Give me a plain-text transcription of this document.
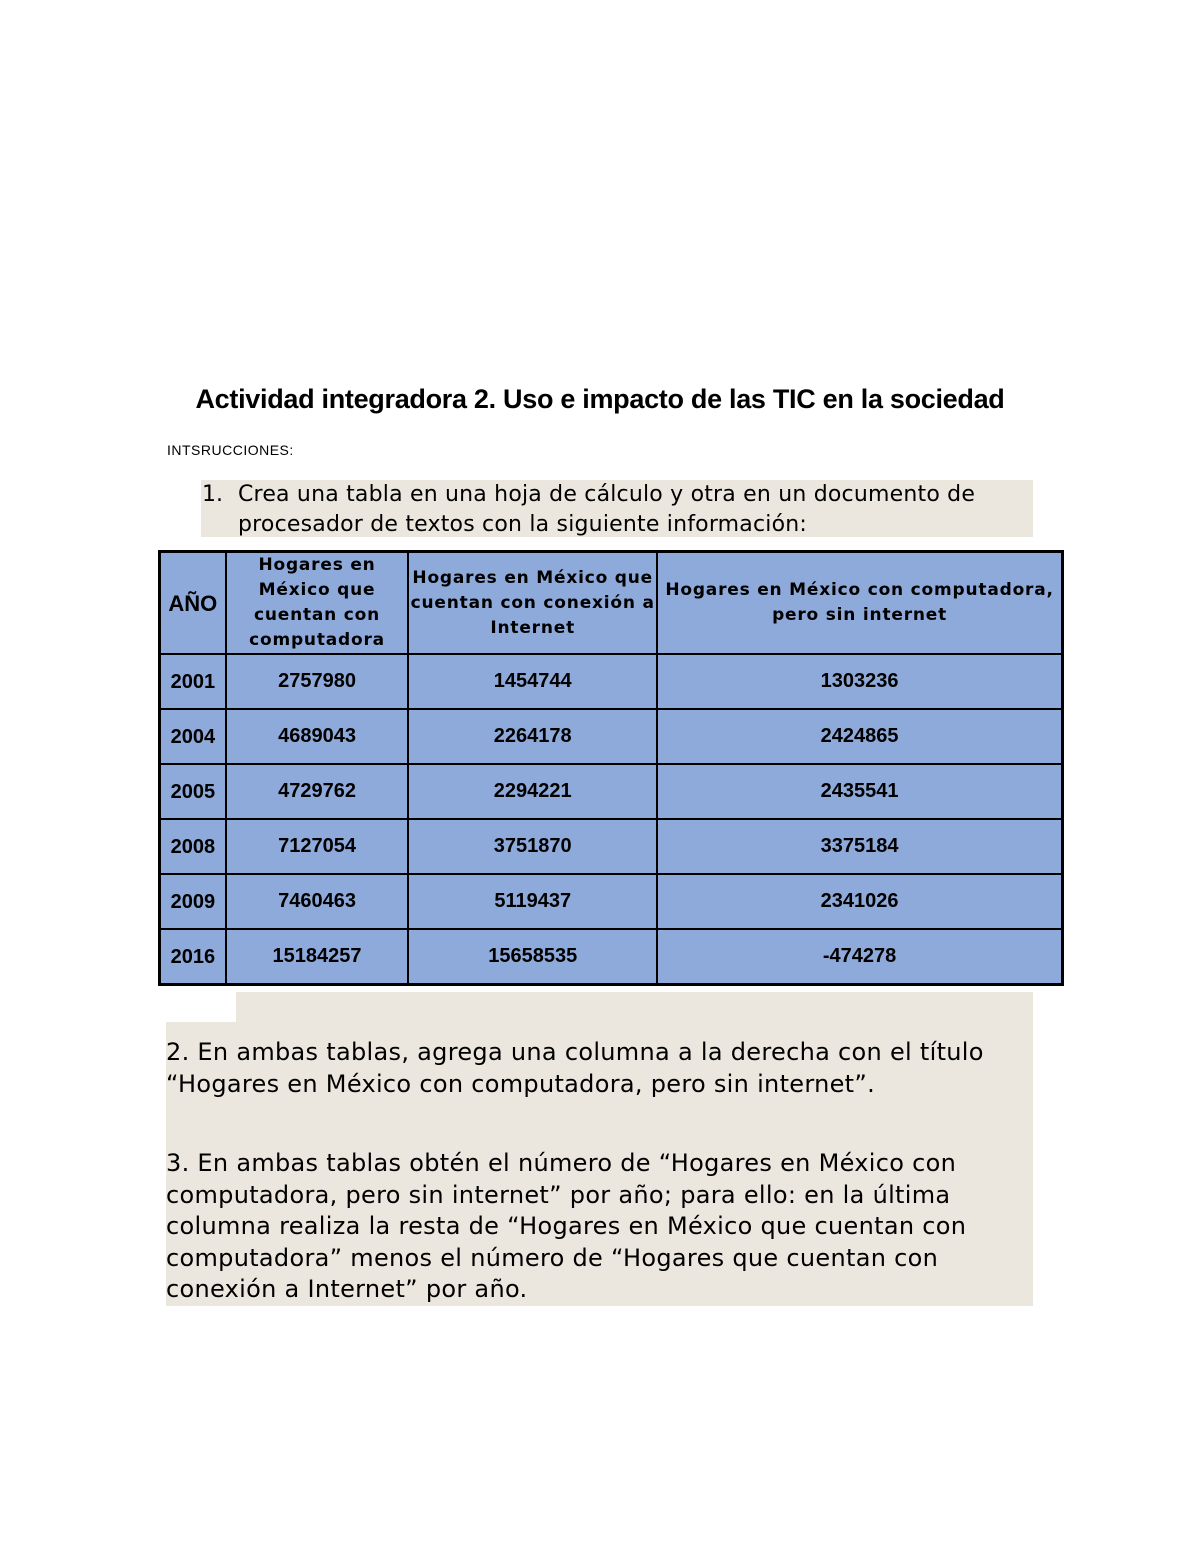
Actividad integradora 2. Uso e impacto de las TIC en la sociedad
INTSRUCCIONES:
1. Crea una tabla en una hoja de cálculo y otra en un documento de procesador de textos con la siguiente información:
AÑO	Hogares en México que cuentan con computadora	Hogares en México que cuentan con conexión a Internet	Hogares en México con computadora, pero sin internet
2001	2757980	1454744	1303236
2004	4689043	2264178	2424865
2005	4729762	2294221	2435541
2008	7127054	3751870	3375184
2009	7460463	5119437	2341026
2016	15184257	15658535	-474278

2. En ambas tablas, agrega una columna a la derecha con el título “Hogares en México con computadora, pero sin internet”.

3. En ambas tablas obtén el número de “Hogares en México con computadora, pero sin internet” por año; para ello: en la última columna realiza la resta de “Hogares en México que cuentan con computadora” menos el número de “Hogares que cuentan con conexión a Internet” por año.
